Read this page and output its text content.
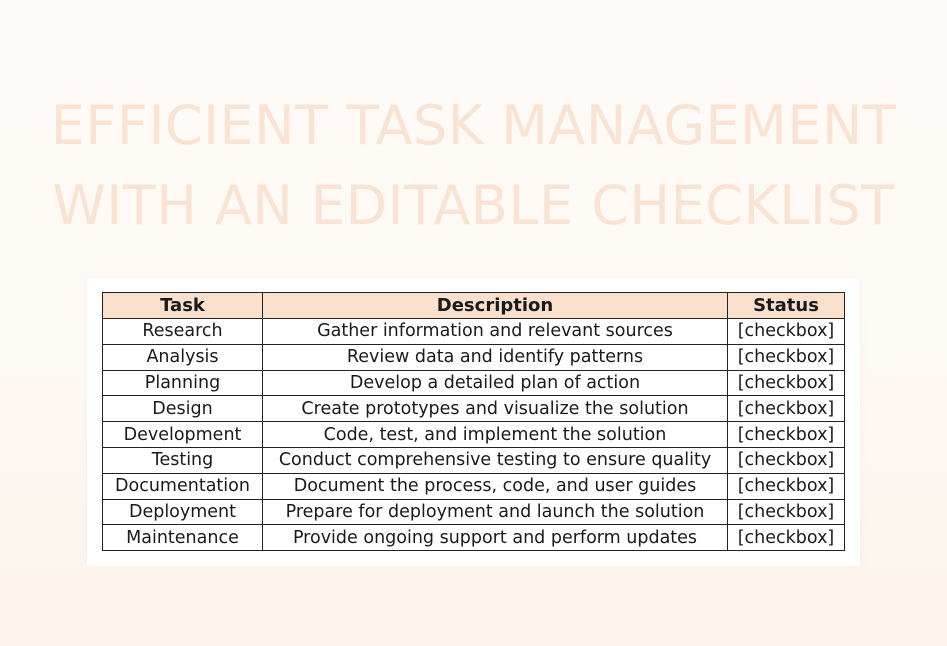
EFFICIENT TASK MANAGEMENT
WITH AN EDITABLE CHECKLIST
Task	Description	Status
Research	Gather information and relevant sources	[checkbox]
Analysis	Review data and identify patterns	[checkbox]
Planning	Develop a detailed plan of action	[checkbox]
Design	Create prototypes and visualize the solution	[checkbox]
Development	Code, test, and implement the solution	[checkbox]
Testing	Conduct comprehensive testing to ensure quality	[checkbox]
Documentation	Document the process, code, and user guides	[checkbox]
Deployment	Prepare for deployment and launch the solution	[checkbox]
Maintenance	Provide ongoing support and perform updates	[checkbox]
